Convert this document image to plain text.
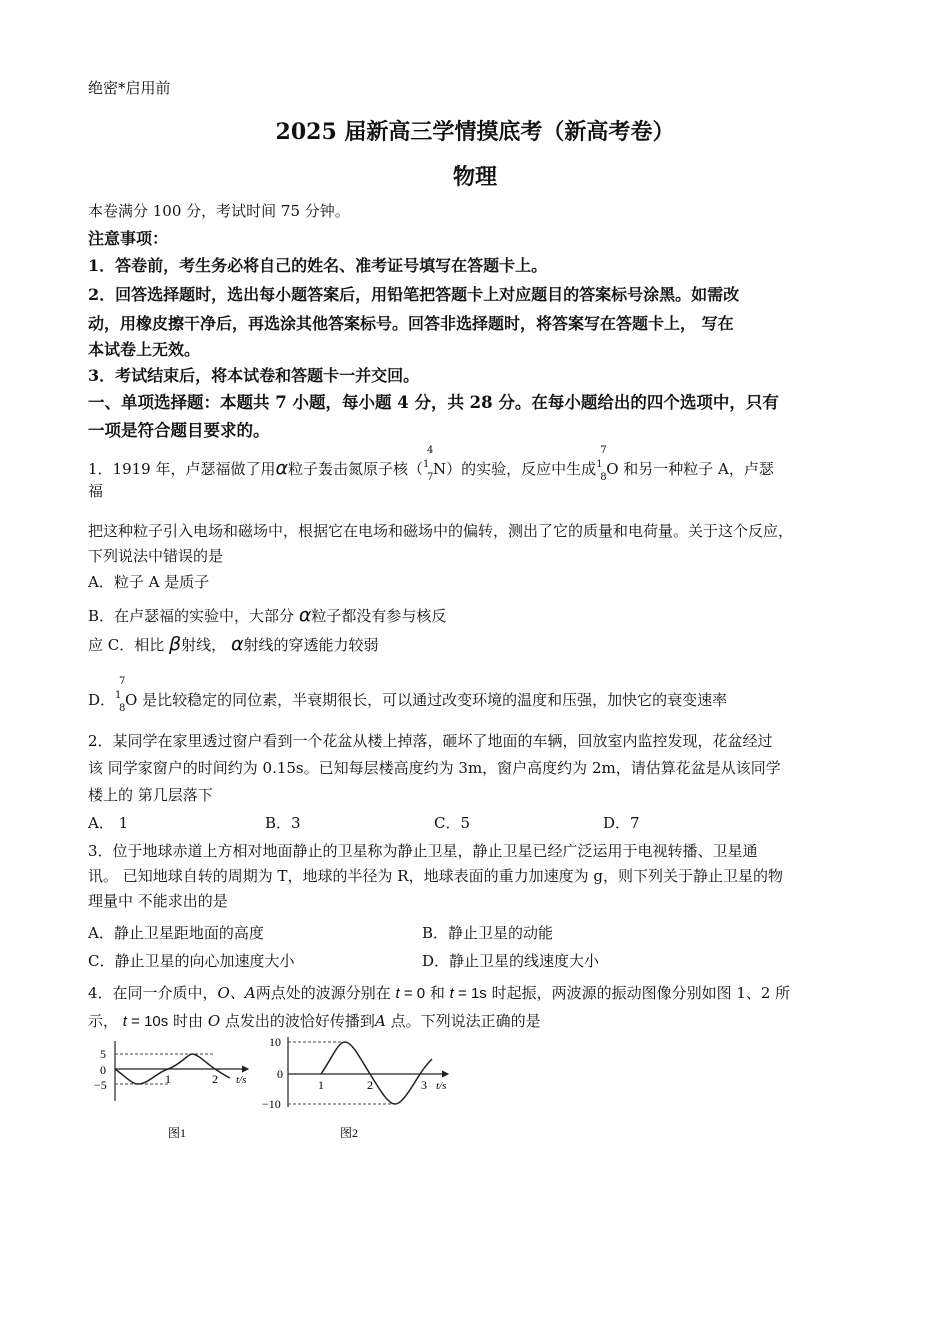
绝密*启用前
2025 届新高三学情摸底考（新高考卷）
物理
本卷满分 100 分，考试时间 75 分钟。
注意事项：
1．答卷前，考生务必将自己的姓名、准考证号填写在答题卡上。
2．回答选择题时，选出每小题答案后，用铅笔把答题卡上对应题目的答案标号涂黑。如需改
动，用橡皮擦干净后，再选涂其他答案标号。回答非选择题时，将答案写在答题卡上， 写在
本试卷上无效。
3．考试结束后，将本试卷和答题卡一并交回。
一、单项选择题：本题共 7 小题，每小题 4 分，共 28 分。在每小题给出的四个选项中，只有
一项是符合题目要求的。
1．1919 年，卢瑟福做了用α粒子轰击氮原子核（
4
1
7 N）的实验，反应中生成
7
1
8 O 和另一种粒子 A，卢瑟
福
把这种粒子引入电场和磁场中，根据它在电场和磁场中的偏转，测出了它的质量和电荷量。关于这个反应，
下列说法中错误的是
A．粒子 A 是质子
B．在卢瑟福的实验中，大部分 α粒子都没有参与核反
应 C．相比 β射线， α射线的穿透能力较弱
D．
7
1
8 O 是比较稳定的同位素，半衰期很长，可以通过改变环境的温度和压强，加快它的衰变速率
2．某同学在家里透过窗户看到一个花盆从楼上掉落，砸坏了地面的车辆，回放室内监控发现，花盆经过
该 同学家窗户的时间约为 0.15s。已知每层楼高度约为 3m，窗户高度约为 2m，请估算花盆是从该同学
楼上的 第几层落下
A． 1	B．3	C．5	D．7
3．位于地球赤道上方相对地面静止的卫星称为静止卫星，静止卫星已经广泛运用于电视转播、卫星通
讯。 已知地球自转的周期为 T，地球的半径为 R，地球表面的重力加速度为 g，则下列关于静止卫星的物
理量中 不能求出的是
A．静止卫星距地面的高度	B．静止卫星的动能
C．静止卫星的向心加速度大小	D．静止卫星的线速度大小
4．在同一介质中，O、A两点处的波源分别在 t = 0 和 t = 1s 时起振，两波源的振动图像分别如图 1、2 所
示， t = 10s 时由 O 点发出的波恰好传播到A 点。下列说法正确的是
5
0
−5	1	2 t/s
图1
10
0
−10
1	2	3 t/s
图2
